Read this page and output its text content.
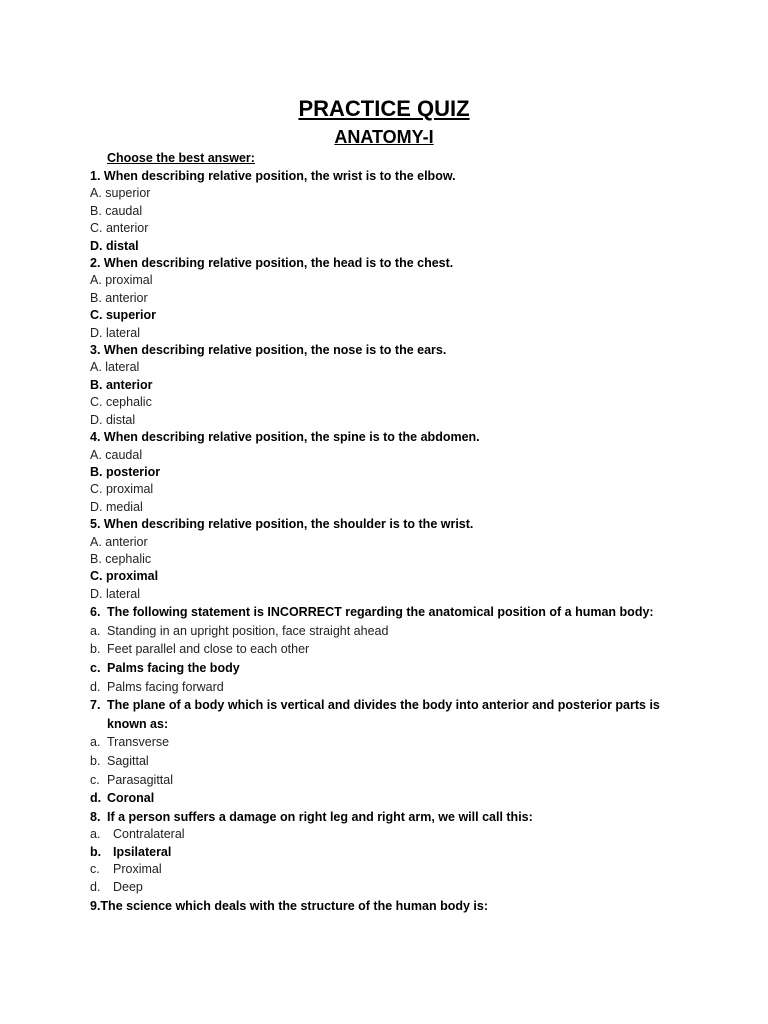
PRACTICE QUIZ
ANATOMY-I
Choose the best answer:
1. When describing relative position, the wrist is to the elbow.
A. superior
B. caudal
C. anterior
D. distal
2. When describing relative position, the head is to the chest.
A. proximal
B. anterior
C. superior
D. lateral
3. When describing relative position, the nose is to the ears.
A. lateral
B. anterior
C. cephalic
D. distal
4. When describing relative position, the spine is to the abdomen.
A. caudal
B. posterior
C. proximal
D. medial
5. When describing relative position, the shoulder is to the wrist.
A. anterior
B. cephalic
C. proximal
D. lateral
6. The following statement is INCORRECT regarding the anatomical position of a human body:
a. Standing in an upright position, face straight ahead
b. Feet parallel and close to each other
c. Palms facing the body
d. Palms facing forward
7. The plane of a body which is vertical and divides the body into anterior and posterior parts is known as:
a. Transverse
b. Sagittal
c. Parasagittal
d. Coronal
8. If a person suffers a damage on right leg and right arm, we will call this:
a. Contralateral
b. Ipsilateral
c. Proximal
d. Deep
9.The science which deals with the structure of the human body is:
